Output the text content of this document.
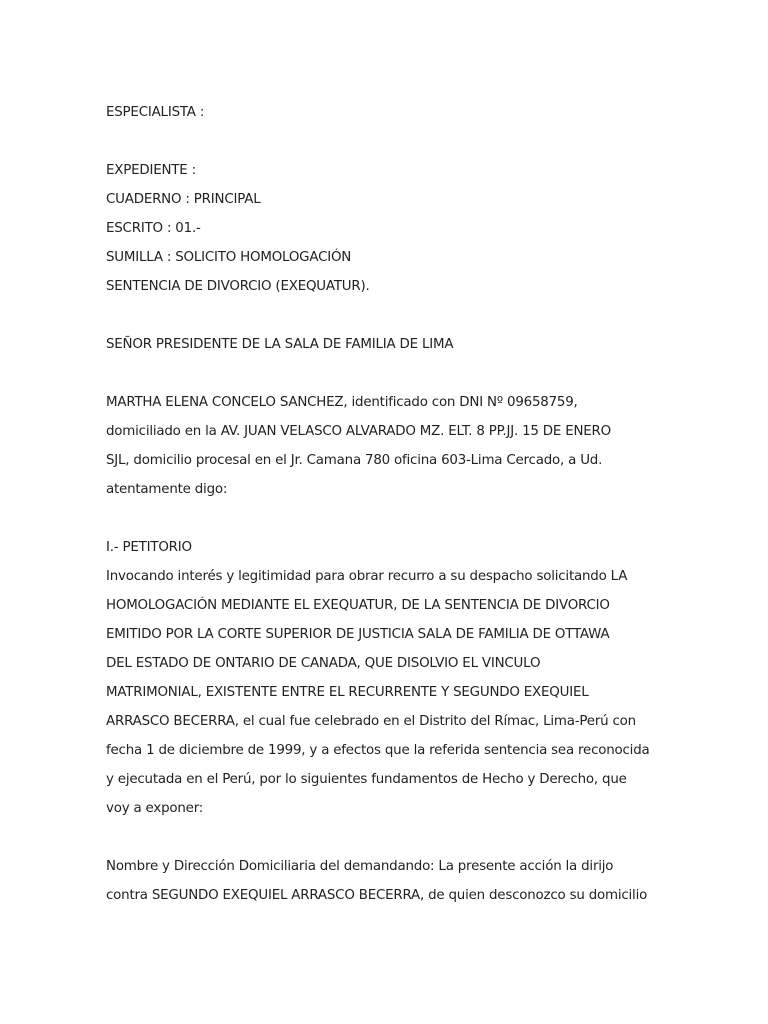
ESPECIALISTA :
EXPEDIENTE :
CUADERNO : PRINCIPAL
ESCRITO : 01.-
SUMILLA : SOLICITO HOMOLOGACIÓN
SENTENCIA DE DIVORCIO (EXEQUATUR).
SEÑOR PRESIDENTE DE LA SALA DE FAMILIA DE LIMA
MARTHA ELENA CONCELO SANCHEZ, identificado con DNI Nº 09658759,
domiciliado en la AV. JUAN VELASCO ALVARADO MZ. ELT. 8 PP.JJ. 15 DE ENERO
SJL, domicilio procesal en el Jr. Camana 780 oficina 603-Lima Cercado, a Ud.
atentamente digo:
I.- PETITORIO
Invocando interés y legitimidad para obrar recurro a su despacho solicitando LA
HOMOLOGACIÓN MEDIANTE EL EXEQUATUR, DE LA SENTENCIA DE DIVORCIO
EMITIDO POR LA CORTE SUPERIOR DE JUSTICIA SALA DE FAMILIA DE OTTAWA
DEL ESTADO DE ONTARIO DE CANADA, QUE DISOLVIO EL VINCULO
MATRIMONIAL, EXISTENTE ENTRE EL RECURRENTE Y SEGUNDO EXEQUIEL
ARRASCO BECERRA, el cual fue celebrado en el Distrito del Rímac, Lima-Perú con
fecha 1 de diciembre de 1999, y a efectos que la referida sentencia sea reconocida
y ejecutada en el Perú, por lo siguientes fundamentos de Hecho y Derecho, que
voy a exponer:
Nombre y Dirección Domiciliaria del demandando: La presente acción la dirijo
contra SEGUNDO EXEQUIEL ARRASCO BECERRA, de quien desconozco su domicilio
